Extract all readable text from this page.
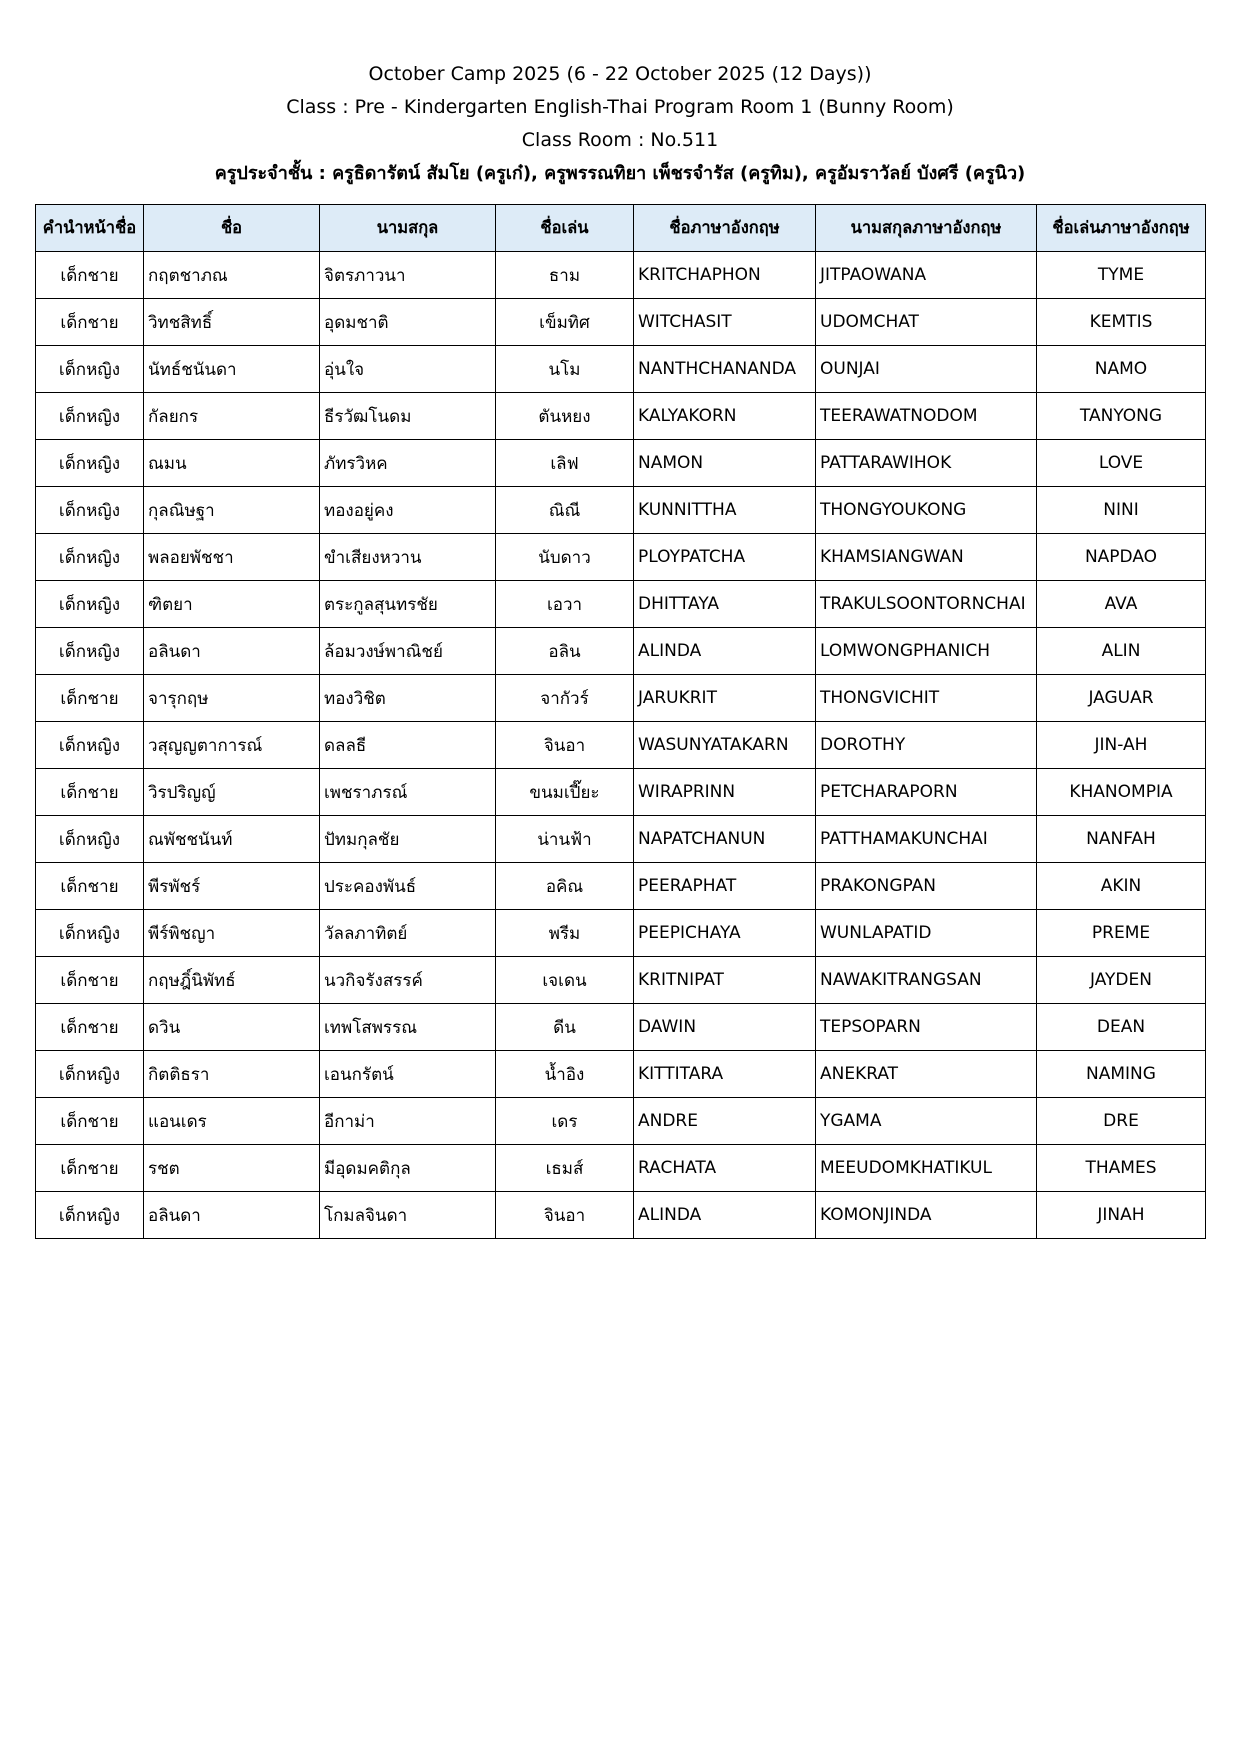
October Camp 2025 (6 - 22 October 2025 (12 Days))
Class : Pre - Kindergarten English-Thai Program Room 1 (Bunny Room)
Class Room : No.511
ครูประจำชั้น : ครูธิดารัตน์ สัมโย (ครูเก๋), ครูพรรณทิยา เพ็ชรจำรัส (ครูทิม), ครูอัมราวัลย์ บังศรี (ครูนิว)
คำนำหน้าชื่อ	ชื่อ	นามสกุล	ชื่อเล่น	ชื่อภาษาอังกฤษ	นามสกุลภาษาอังกฤษ	ชื่อเล่นภาษาอังกฤษ
เด็กชาย	กฤตชาภณ	จิตรภาวนา	ธาม	KRITCHAPHON	JITPAOWANA	TYME
เด็กชาย	วิทชสิทธิ์	อุดมชาติ	เข็มทิศ	WITCHASIT	UDOMCHAT	KEMTIS
เด็กหญิง	นัทธ์ชนันดา	อุ่นใจ	นโม	NANTHCHANANDA	OUNJAI	NAMO
เด็กหญิง	กัลยกร	ธีรวัฒโนดม	ตันหยง	KALYAKORN	TEERAWATNODOM	TANYONG
เด็กหญิง	ณมน	ภัทรวิหค	เลิฟ	NAMON	PATTARAWIHOK	LOVE
เด็กหญิง	กุลณิษฐา	ทองอยู่คง	ณิณี	KUNNITTHA	THONGYOUKONG	NINI
เด็กหญิง	พลอยพัชชา	ขำเสียงหวาน	นับดาว	PLOYPATCHA	KHAMSIANGWAN	NAPDAO
เด็กหญิง	ฑิตยา	ตระกูลสุนทรชัย	เอวา	DHITTAYA	TRAKULSOONTORNCHAI	AVA
เด็กหญิง	อลินดา	ล้อมวงษ์พาณิชย์	อลิน	ALINDA	LOMWONGPHANICH	ALIN
เด็กชาย	จารุกฤษ	ทองวิชิต	จากัวร์	JARUKRIT	THONGVICHIT	JAGUAR
เด็กหญิง	วสุญญตาการณ์	ดลลธี	จินอา	WASUNYATAKARN	DOROTHY	JIN-AH
เด็กชาย	วิรปริญญ์	เพชราภรณ์	ขนมเปี๊ยะ	WIRAPRINN	PETCHARAPORN	KHANOMPIA
เด็กหญิง	ณพัชชนันท์	ปัทมกุลชัย	น่านฟ้า	NAPATCHANUN	PATTHAMAKUNCHAI	NANFAH
เด็กชาย	พีรพัชร์	ประคองพันธ์	อคิณ	PEERAPHAT	PRAKONGPAN	AKIN
เด็กหญิง	พีร์พิชญา	วัลลภาทิตย์	พรีม	PEEPICHAYA	WUNLAPATID	PREME
เด็กชาย	กฤษฎิ์นิพัทธ์	นวกิจรังสรรค์	เจเดน	KRITNIPAT	NAWAKITRANGSAN	JAYDEN
เด็กชาย	ดวิน	เทพโสพรรณ	ดีน	DAWIN	TEPSOPARN	DEAN
เด็กหญิง	กิตติธรา	เอนกรัตน์	น้ำอิง	KITTITARA	ANEKRAT	NAMING
เด็กชาย	แอนเดร	อีกาม่า	เดร	ANDRE	YGAMA	DRE
เด็กชาย	รชต	มีอุดมคติกุล	เธมส์	RACHATA	MEEUDOMKHATIKUL	THAMES
เด็กหญิง	อลินดา	โกมลจินดา	จินอา	ALINDA	KOMONJINDA	JINAH
